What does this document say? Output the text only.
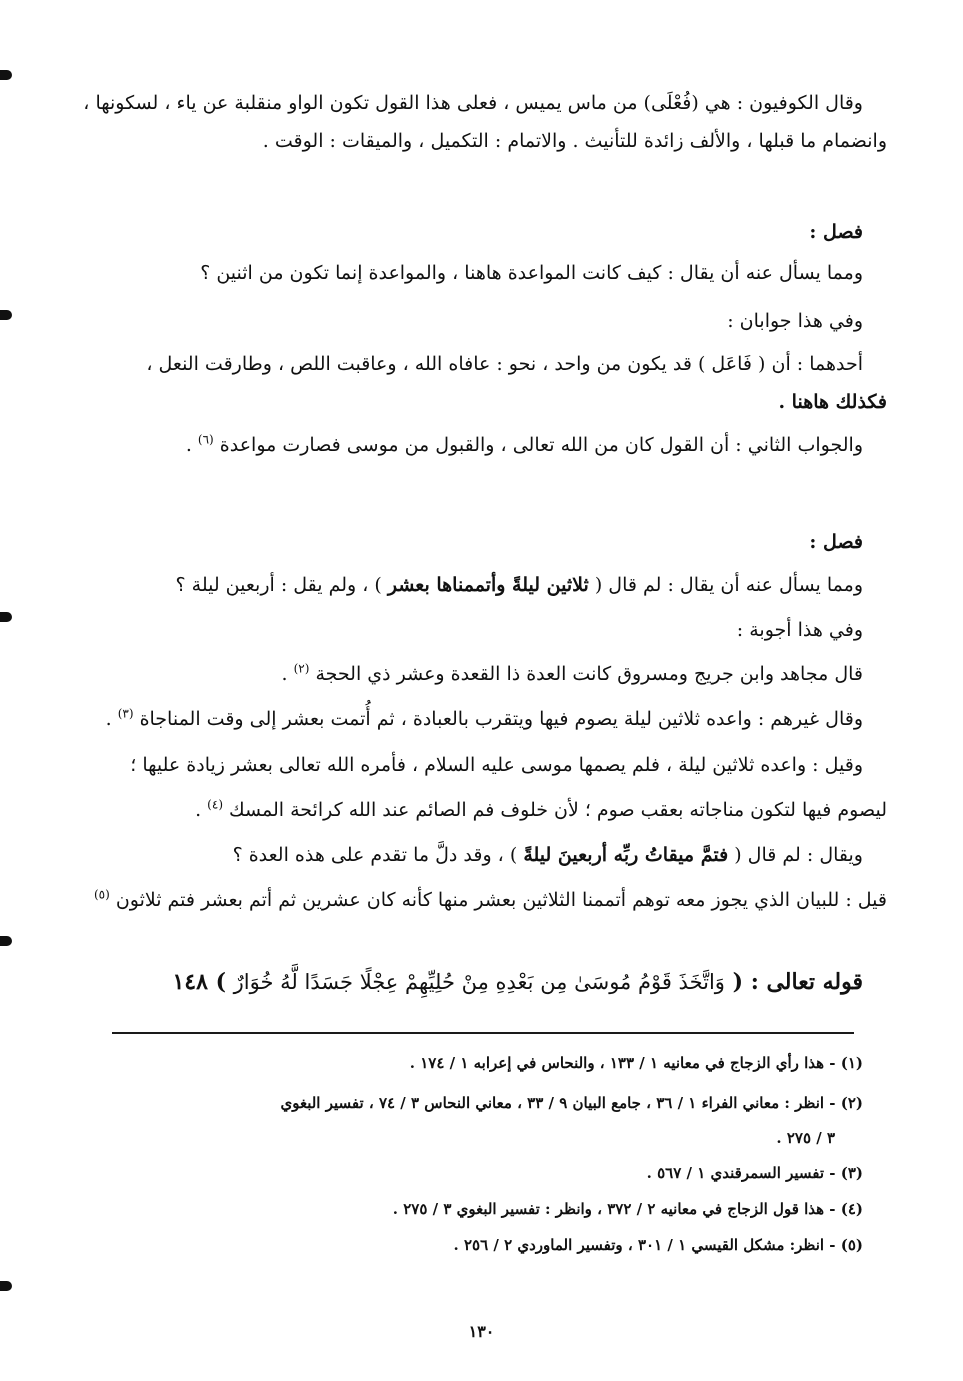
وقال الكوفيون : هي (فُعْلَى) من ماس يميس ، فعلى هذا القول تكون الواو منقلبة عن ياء ، لسكونها ،
وانضمام ما قبلها ، والألف زائدة للتأنيث . والاتمام : التكميل ، والميقات : الوقت .
فصل :
ومما يسأل عنه أن يقال : كيف كانت المواعدة هاهنا ، والمواعدة إنما تكون من اثنين ؟
وفي هذا جوابان :
أحدهما : أن ( فَاعَل ) قد يكون من واحد ، نحو : عافاه الله ، وعاقبت اللص ، وطارقت النعل ،
فكذلك هاهنا .
والجواب الثاني : أن القول كان من الله تعالى ، والقبول من موسى فصارت مواعدة $^{(٦)}$ .
فصل :
ومما يسأل عنه أن يقال : لم قال ( ثلاثين ليلةً وأتممناها بعشر ) ، ولم يقل : أربعين ليلة ؟
وفي هذا أجوبة :
قال مجاهد وابن جريج ومسروق كانت العدة ذا القعدة وعشر ذي الحجة $^{(٢)}$ .
وقال غيرهم : واعده ثلاثين ليلة يصوم فيها ويتقرب بالعبادة ، ثم أُتمت بعشر إلى وقت المناجاة $^{(٣)}$ .
وقيل : واعده ثلاثين ليلة ، فلم يصمها موسى عليه السلام ، فأمره الله تعالى بعشر زيادة عليها ؛
ليصوم فيها لتكون مناجاته بعقب صوم ؛ لأن خلوف فم الصائم عند الله كرائحة المسك $^{(٤)}$ .
ويقال : لم قال ( فتمَّ ميقاتُ ربِّه أربعينَ ليلةً ) ، وقد دلَّ ما تقدم على هذه العدة ؟
قيل : للبيان الذي يجوز معه توهم أتممنا الثلاثين بعشر منها كأنه كان عشرين ثم أتم بعشر فتم ثلاثون $^{(٥)}$
قوله تعالى : ( وَاتَّخَذَ قَوْمُ مُوسَىٰ مِن بَعْدِهِ مِنْ حُلِيِّهِمْ عِجْلًا جَسَدًا لَّهُ خُوَارٌ ) ١٤٨
(١) - هذا رأي الزجاج في معانيه ١ / ١٣٣ ، والنحاس في إعرابه ١ / ١٧٤ .
(٢) - انظر : معاني الفراء ١ / ٣٦ ، جامع البيان ٩ / ٣٣ ، معاني النحاس ٣ / ٧٤ ، تفسير البغوي
٣ / ٢٧٥ .
(٣) - تفسير السمرقندي ١ / ٥٦٧ .
(٤) - هذا قول الزجاج في معانيه ٢ / ٣٧٢ ، وانظر : تفسير البغوي ٣ / ٢٧٥ .
(٥) - انظر: مشكل القيسي ١ / ٣٠١ ، وتفسير الماوردي ٢ / ٢٥٦ .
١٣٠
